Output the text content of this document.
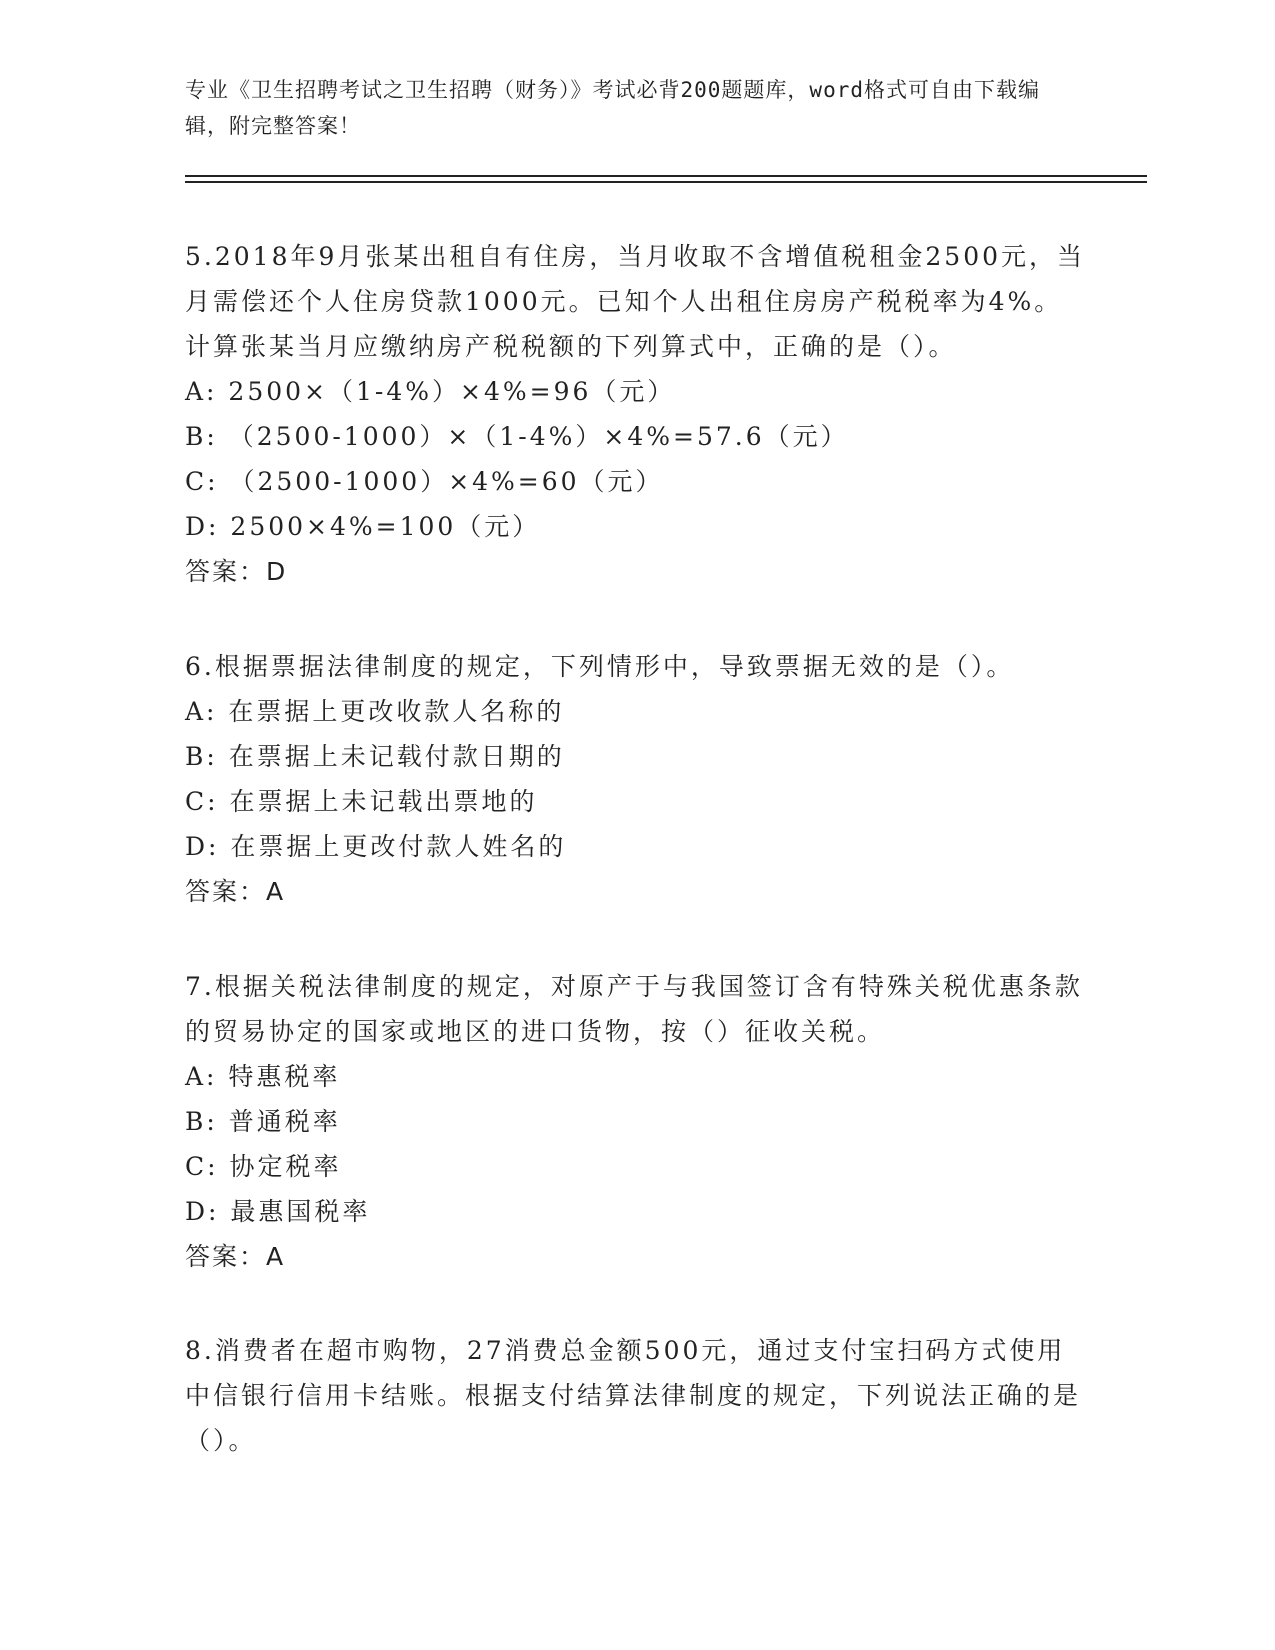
专业《卫生招聘考试之卫生招聘（财务）》考试必背200题题库，word格式可自由下载编辑，附完整答案！

5.2018年9月张某出租自有住房，当月收取不含增值税租金2500元，当月需偿还个人住房贷款1000元。已知个人出租住房房产税税率为4%。计算张某当月应缴纳房产税税额的下列算式中，正确的是（）。

A: 2500×（1-4%）×4%=96（元）

B: （2500-1000）×（1-4%）×4%=57.6（元）

C: （2500-1000）×4%=60（元）

D: 2500×4%=100（元）

答案：D

6.根据票据法律制度的规定，下列情形中，导致票据无效的是（）。

A: 在票据上更改收款人名称的

B: 在票据上未记载付款日期的

C: 在票据上未记载出票地的

D: 在票据上更改付款人姓名的

答案：A

7.根据关税法律制度的规定，对原产于与我国签订含有特殊关税优惠条款的贸易协定的国家或地区的进口货物，按（）征收关税。

A: 特惠税率

B: 普通税率

C: 协定税率

D: 最惠国税率

答案：A

8.消费者在超市购物，27消费总金额500元，通过支付宝扫码方式使用中信银行信用卡结账。根据支付结算法律制度的规定，下列说法正确的是（）。
